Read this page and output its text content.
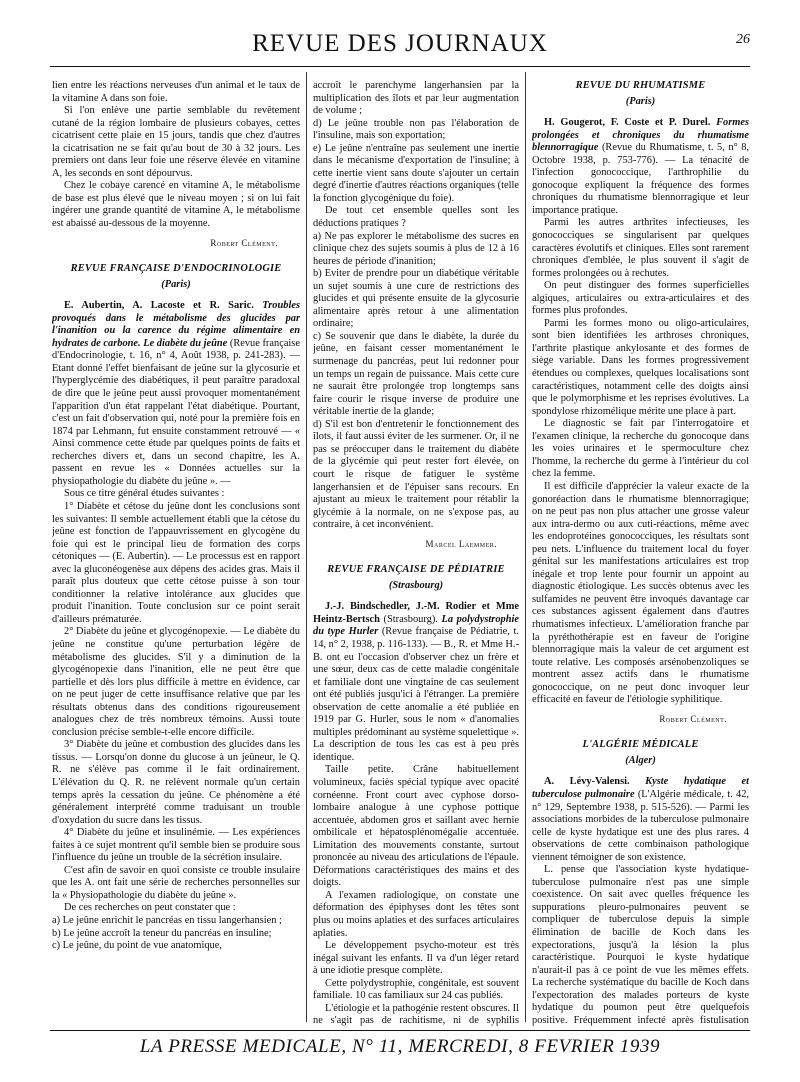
REVUE DES JOURNAUX	26

lien entre les réactions nerveuses d'un animal et le taux de la vitamine A dans son foie.

Si l'on enlève une partie semblable du revêtement cutané de la région lombaire de plusieurs cobayes, cettes cicatrisent cette plaie en 15 jours, tandis que chez d'autres la cicatrisation ne se fait qu'au bout de 30 à 32 jours. Les premiers ont dans leur foie une réserve élevée en vitamine A, les seconds en sont dépourvus.

Chez le cobaye carencé en vitamine A, le métabolisme de base est plus élevé que le niveau moyen ; si on lui fait ingérer une grande quantité de vitamine A, le métabolisme est abaissé au-dessous de la moyenne.

Robert Clément.
REVUE FRANÇAISE D'ENDOCRINOLOGIE
(Paris)

E. Aubertin, A. Lacoste et R. Saric. Troubles provoqués dans le métabolisme des glucides par l'inanition ou la carence du régime alimentaire en hydrates de carbone. Le diabète du jeûne (Revue française d'Endocrinologie, t. 16, n° 4, Août 1938, p. 241-283). — Etant donné l'effet bienfaisant de jeûne sur la glycosurie et l'hyperglycémie des diabétiques, il peut paraître paradoxal de dire que le jeûne peut aussi provoquer momentanément l'apparition d'un état rappelant l'état diabétique. Pourtant, c'est un fait d'observation qui, noté pour la première fois en 1874 par Lehmann, fut ensuite constamment retrouvé — « Ainsi commence cette étude par quelques points de faits et recherches divers et, dans un second chapitre, les A. passent en revue les « Données actuelles sur la physiopathologie du diabète du jeûne ». —

Sous ce titre général études suivantes :

1° Diabète et cétose du jeûne dont les conclusions sont les suivantes: Il semble actuellement établi que la cétose du jeûne est fonction de l'appauvrissement en glycogène du foie qui est le principal lieu de formation des corps cétoniques — (E. Aubertin). — Le processus est en rapport avec la gluconéogenèse aux dépens des acides gras. Mais il paraît plus douteux que cette cétose puisse à son tour conditionner la relative intolérance aux glucides que produit l'inanition. Toute conclusion sur ce point serait d'ailleurs prématurée.

2° Diabète du jeûne et glycogénopexie. — Le diabète du jeûne ne constitue qu'une perturbation légère de métabolisme des glucides. S'il y a diminution de la glycogénopexie dans l'inanition, elle ne peut être que partielle et dès lors plus difficile à mettre en évidence, car on ne peut juger de cette insuffisance relative que par les résultats obtenus dans des conditions rigoureusement analogues chez de très nombreux témoins. Aussi toute conclusion précise semble-t-elle encore difficile.

3° Diabète du jeûne et combustion des glucides dans les tissus. — Lorsqu'on donne du glucose à un jeûneur, le Q. R. ne s'élève pas comme il le fait ordinairement. L'élévation du Q. R. ne relèvent normale qu'un certain temps après la cessation du jeûne. Ce phénomène a été généralement interprété comme traduisant un trouble d'oxydation du sucre dans les tissus.

4° Diabète du jeûne et insulinémie. — Les expériences faites à ce sujet montrent qu'il semble bien se produire sous l'influence du jeûne un trouble de la sécrétion insulaire.

C'est afin de savoir en quoi consiste ce trouble insulaire que les A. ont fait une série de recherches personnelles sur la « Physiopathologie du diabète du jeûne ».

De ces recherches on peut constater que :

a) Le jeûne enrichit le pancréas en tissu langerhansien ;

b) Le jeûne accroît la teneur du pancréas en insuline;

c) Le jeûne, du point de vue anatomique,

accroît le parenchyme langerhansien par la multiplication des îlots et par leur augmentation de volume ;

d) Le jeûne trouble non pas l'élaboration de l'insuline, mais son exportation;

e) Le jeûne n'entraîne pas seulement une inertie dans le mécanisme d'exportation de l'insuline; à cette inertie vient sans doute s'ajouter un certain degré d'inertie d'autres réactions organiques (telle la fonction glycogénique du foie).

De tout cet ensemble quelles sont les déductions pratiques ?

a) Ne pas explorer le métabolisme des sucres en clinique chez des sujets soumis à plus de 12 à 16 heures de période d'inanition;

b) Eviter de prendre pour un diabétique véritable un sujet soumis à une cure de restrictions des glucides et qui présente ensuite de la glycosurie alimentaire après retour à une alimentation ordinaire;

c) Se souvenir que dans le diabète, la durée du jeûne, en faisant cesser momentanément le surmenage du pancréas, peut lui redonner pour un temps un regain de puissance. Mais cette cure ne saurait être prolongée trop longtemps sans faire courir le risque inverse de produire une véritable inertie de la glande;

d) S'il est bon d'entretenir le fonctionnement des îlots, il faut aussi éviter de les surmener. Or, il ne pas se préoccuper dans le traitement du diabète de la glycémie qui peut rester fort élevée, on court le risque de fatiguer le système langerhansien et de l'épuiser sans recours. En ajustant au mieux le traitement pour rétablir la glycémie à la normale, on ne s'expose pas, au contraire, à cet inconvénient.

Marcel Laemmer.
REVUE FRANÇAISE DE PÉDIATRIE
(Strasbourg)

J.-J. Bindschedler, J.-M. Rodier et Mme Heintz-Bertsch (Strasbourg). La polydystrophie du type Hurler (Revue française de Pédiatrie, t. 14, n° 2, 1938, p. 116-133). — B., R. et Mme H.-B. ont eu l'occasion d'observer chez un frère et une sœur, deux cas de cette maladie congénitale et familiale dont une vingtaine de cas seulement ont été publiés jusqu'ici à l'étranger. La première observation de cette anomalie a été publiée en 1919 par G. Hurler, sous le nom « d'anomalies multiples prédominant au système squelettique ». La description de tous les cas est à peu près identique.

Taille petite. Crâne habituellement volumineux, faciès spécial typique avec opacité cornéenne. Front court avec cyphose dorso-lombaire analogue à une cyphose pottique accentuée, abdomen gros et saillant avec hernie ombilicale et hépatosplénomégalie accentuée. Limitation des mouvements constante, surtout prononcée au niveau des articulations de l'épaule. Déformations caractéristiques des mains et des doigts.

A l'examen radiologique, on constate une déformation des épiphyses dont les têtes sont plus ou moins aplaties et des surfaces articulaires aplaties.

Le développement psycho-moteur est très inégal suivant les enfants. Il va d'un léger retard à une idiotie presque complète.

Cette polydystrophie, congénitale, est souvent familiale. 10 cas familiaux sur 24 cas publiés.

L'étiologie et la pathogénie restent obscures. Il ne s'agit pas de rachitisme, ni de syphilis

REVUE DU RHUMATISME
(Paris)

H. Gougerot, F. Coste et P. Durel. Formes prolongées et chroniques du rhumatisme blennorragique (Revue du Rhumatisme, t. 5, n° 8, Octobre 1938, p. 753-776). — La ténacité de l'infection gonococcique, l'arthrophilie du gonocoque expliquent la fréquence des formes chroniques du rhumatisme blennorragique et leur importance pratique.

Parmi les autres arthrites infectieuses, les gonococciques se singularisent par quelques caractères évolutifs et cliniques. Elles sont rarement chroniques d'emblée, le plus souvent il s'agit de formes prolongées ou à rechutes.

On peut distinguer des formes superficielles algiques, articulaires ou extra-articulaires et des formes plus profondes.

Parmi les formes mono ou oligo-articulaires, sont bien identifiées les arthroses chroniques, l'arthrite plastique ankylosante et des formes de siège variable. Dans les formes progressivement étendues ou complexes, quelques localisations sont caractéristiques, notamment celle des doigts ainsi que le polymorphisme et les reprises évolutives. La spondylose rhizomélique mérite une place à part.

Le diagnostic se fait par l'interrogatoire et l'examen clinique, la recherche du gonocoque dans les voies urinaires et le spermoculture chez l'homme, la recherche du germe à l'intérieur du col chez la femme.

Il est difficile d'apprécier la valeur exacte de la gonoréaction dans le rhumatisme blennorragique; on ne peut pas non plus attacher une grosse valeur aux intra-dermo ou aux cuti-réactions, même avec les endoprotéines gonococciques, les résultats sont peu nets. L'influence du traitement local du foyer génital sur les manifestations articulaires est trop inégale et trop lente pour fournir un appoint au diagnostic étiologique. Les succès obtenus avec les sulfamides ne peuvent être invoqués davantage car ces substances agissent également dans d'autres rhumatismes infectieux. L'amélioration franche par la pyréthothérapie est en faveur de l'origine blennorragique mais la valeur de cet argument est toute relative. Les composés arsénobenzoliques se montrent assez actifs dans le rhumatisme gonococcique, on ne peut donc invoquer leur efficacité en faveur de l'étiologie syphilitique.

Robert Clément.
L'ALGÉRIE MÉDICALE
(Alger)

A. Lévy-Valensi. Kyste hydatique et tuberculose pulmonaire (L'Algérie médicale, t. 42, n° 129, Septembre 1938, p. 515-526). — Parmi les associations morbides de la tuberculose pulmonaire celle de kyste hydatique est une des plus rares. 4 observations de cette combinaison pathologique viennent témoigner de son existence.

L. pense que l'association kyste hydatique-tuberculose pulmonaire n'est pas une simple coexistence. On sait avec quelles fréquence les suppurations pleuro-pulmonaires peuvent se compliquer de tuberculose depuis la simple élimination de bacille de Koch dans les expectorations, jusqu'à la lésion la plus caractéristique. Pourquoi le kyste hydatique n'aurait-il pas à ce point de vue les mêmes effets. La recherche systématique du bacille de Koch dans l'expectoration des malades porteurs de kyste hydatique du poumon peut être quelquefois positive. Fréquemment infecté après fistulisation

LA PRESSE MEDICALE, N° 11, MERCREDI, 8 FEVRIER 1939
